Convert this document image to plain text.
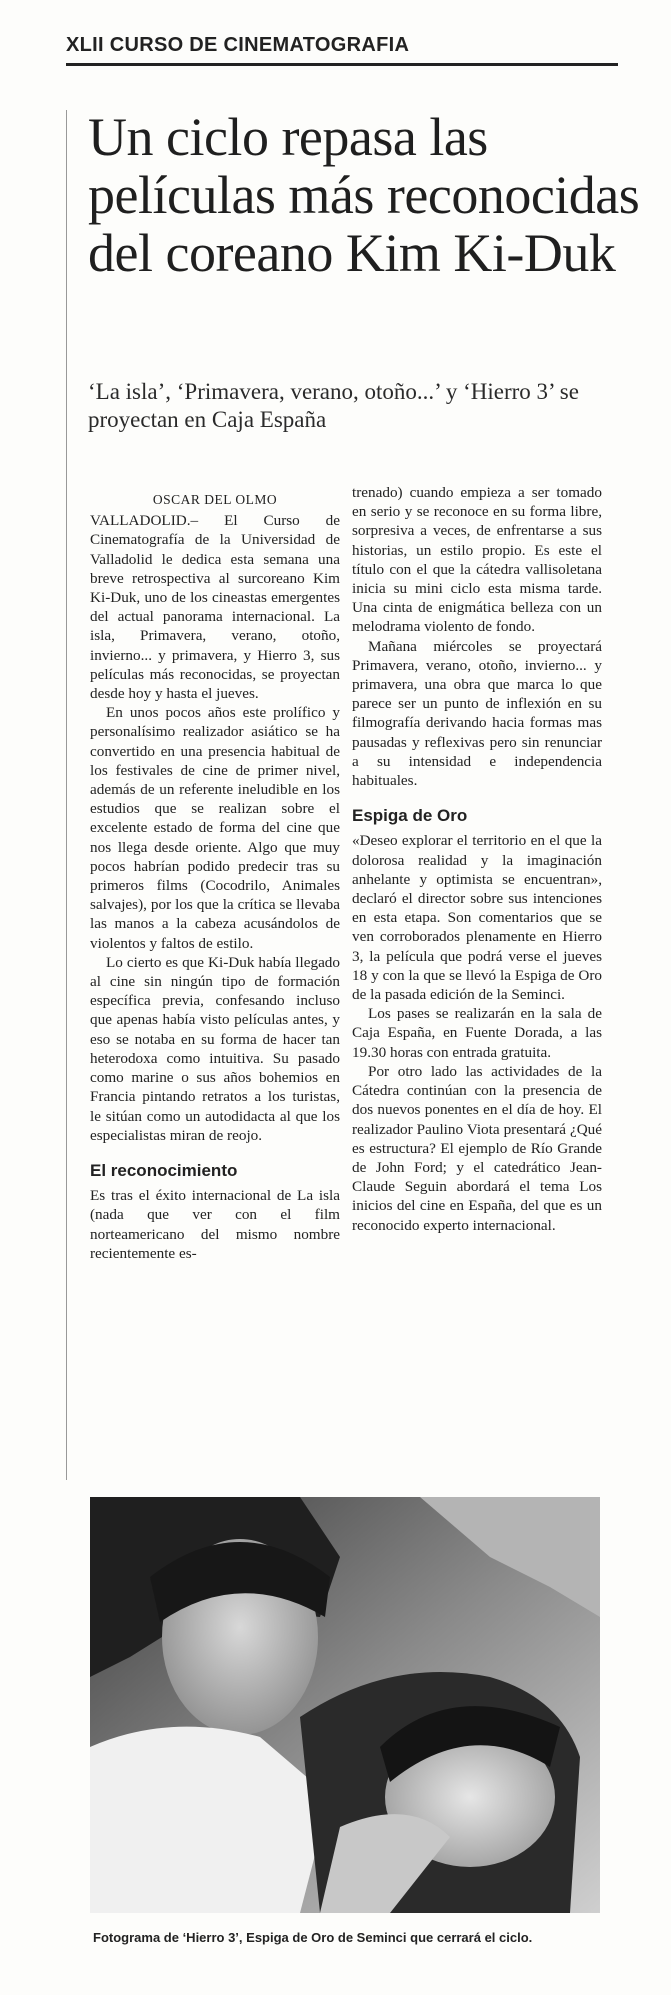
XLII CURSO DE CINEMATOGRAFIA
Un ciclo repasa las películas más reconocidas del coreano Kim Ki-Duk

‘La isla’, ‘Primavera, verano, otoño...’ y ‘Hierro 3’ se proyectan en Caja España

OSCAR DEL OLMO

VALLADOLID.– El Curso de Cinematografía de la Universidad de Valladolid le dedica esta semana una breve retrospectiva al surcoreano Kim Ki-Duk, uno de los cineastas emergentes del actual panorama internacional. La isla, Primavera, verano, otoño, invierno... y primavera, y Hierro 3, sus películas más reconocidas, se proyectan desde hoy y hasta el jueves.

En unos pocos años este prolífico y personalísimo realizador asiático se ha convertido en una presencia habitual de los festivales de cine de primer nivel, además de un referente ineludible en los estudios que se realizan sobre el excelente estado de forma del cine que nos llega desde oriente. Algo que muy pocos habrían podido predecir tras su primeros films (Cocodrilo, Animales salvajes), por los que la crítica se llevaba las manos a la cabeza acusándolos de violentos y faltos de estilo.

Lo cierto es que Ki-Duk había llegado al cine sin ningún tipo de formación específica previa, confesando incluso que apenas había visto películas antes, y eso se notaba en su forma de hacer tan heterodoxa como intuitiva. Su pasado como marine o sus años bohemios en Francia pintando retratos a los turistas, le sitúan como un autodidacta al que los especialistas miran de reojo.

El reconocimiento

Es tras el éxito internacional de La isla (nada que ver con el film norteamericano del mismo nombre recientemente es-

trenado) cuando empieza a ser tomado en serio y se reconoce en su forma libre, sorpresiva a veces, de enfrentarse a sus historias, un estilo propio. Es este el título con el que la cátedra vallisoletana inicia su mini ciclo esta misma tarde. Una cinta de enigmática belleza con un melodrama violento de fondo.

Mañana miércoles se proyectará Primavera, verano, otoño, invierno... y primavera, una obra que marca lo que parece ser un punto de inflexión en su filmografía derivando hacia formas mas pausadas y reflexivas pero sin renunciar a su intensidad e independencia habituales.

Espiga de Oro

«Deseo explorar el territorio en el que la dolorosa realidad y la imaginación anhelante y optimista se encuentran», declaró el director sobre sus intenciones en esta etapa. Son comentarios que se ven corroborados plenamente en Hierro 3, la película que podrá verse el jueves 18 y con la que se llevó la Espiga de Oro de la pasada edición de la Seminci.

Los pases se realizarán en la sala de Caja España, en Fuente Dorada, a las 19.30 horas con entrada gratuita.

Por otro lado las actividades de la Cátedra continúan con la presencia de dos nuevos ponentes en el día de hoy. El realizador Paulino Viota presentará ¿Qué es estructura? El ejemplo de Río Grande de John Ford; y el catedrático Jean-Claude Seguin abordará el tema Los inicios del cine en España, del que es un reconocido experto internacional.

Fotograma de ‘Hierro 3’, Espiga de Oro de Seminci que cerrará el ciclo.
